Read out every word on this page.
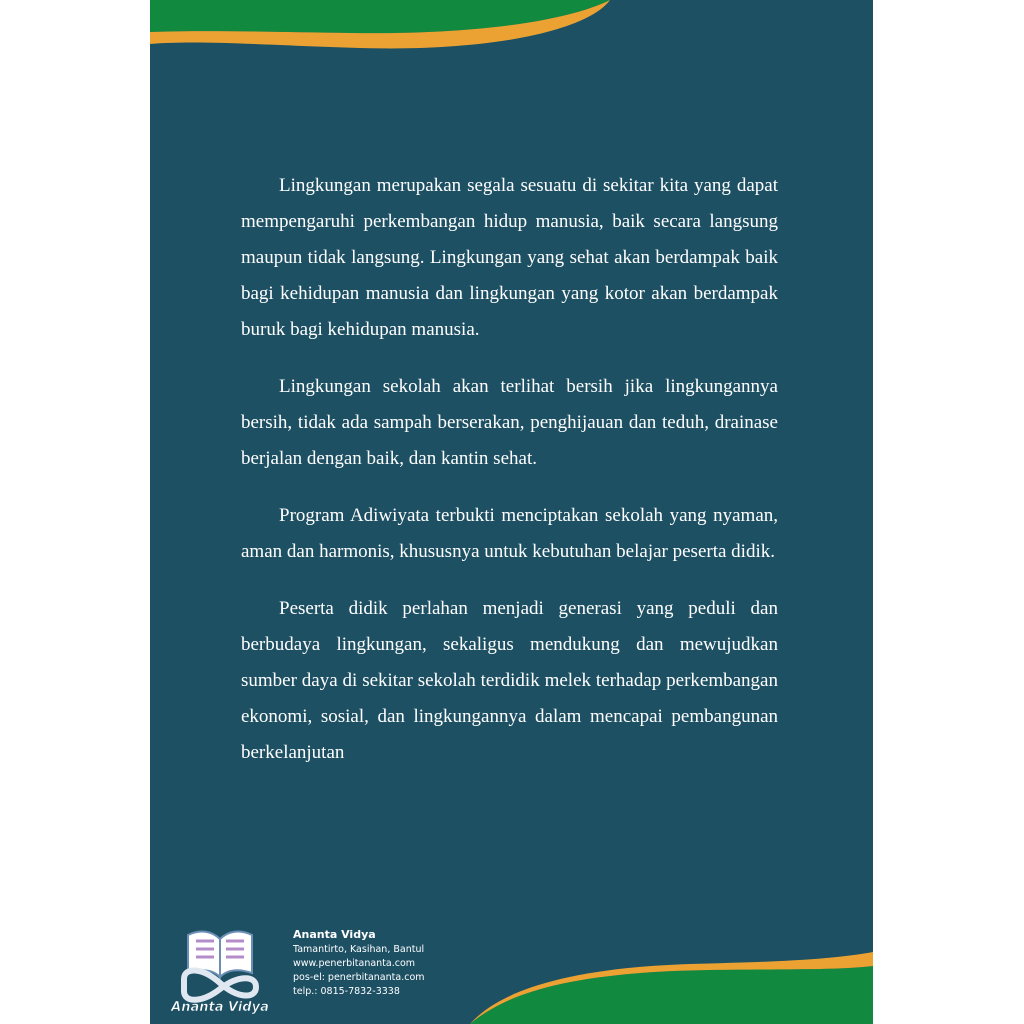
Lingkungan merupakan segala sesuatu di sekitar kita yang dapat mempengaruhi perkembangan hidup manusia, baik secara langsung maupun tidak langsung. Lingkungan yang sehat akan berdampak baik bagi kehidupan manusia dan lingkungan yang kotor akan berdampak buruk bagi kehidupan manusia.

Lingkungan sekolah akan terlihat bersih jika lingkungannya bersih, tidak ada sampah berserakan, penghijauan dan teduh, drainase berjalan dengan baik, dan kantin sehat.

Program Adiwiyata terbukti menciptakan sekolah yang nyaman, aman dan harmonis, khususnya untuk kebutuhan belajar peserta didik.

Peserta didik perlahan menjadi generasi yang peduli dan berbudaya lingkungan, sekaligus mendukung dan mewujudkan sumber daya di sekitar sekolah terdidik melek terhadap perkembangan ekonomi, sosial, dan lingkungannya dalam mencapai pembangunan berkelanjutan

Ananta Vidya
Ananta Vidya
Tamantirto, Kasihan, Bantul
www.penerbitananta.com
pos-el: penerbitananta.com
telp.: 0815-7832-3338
